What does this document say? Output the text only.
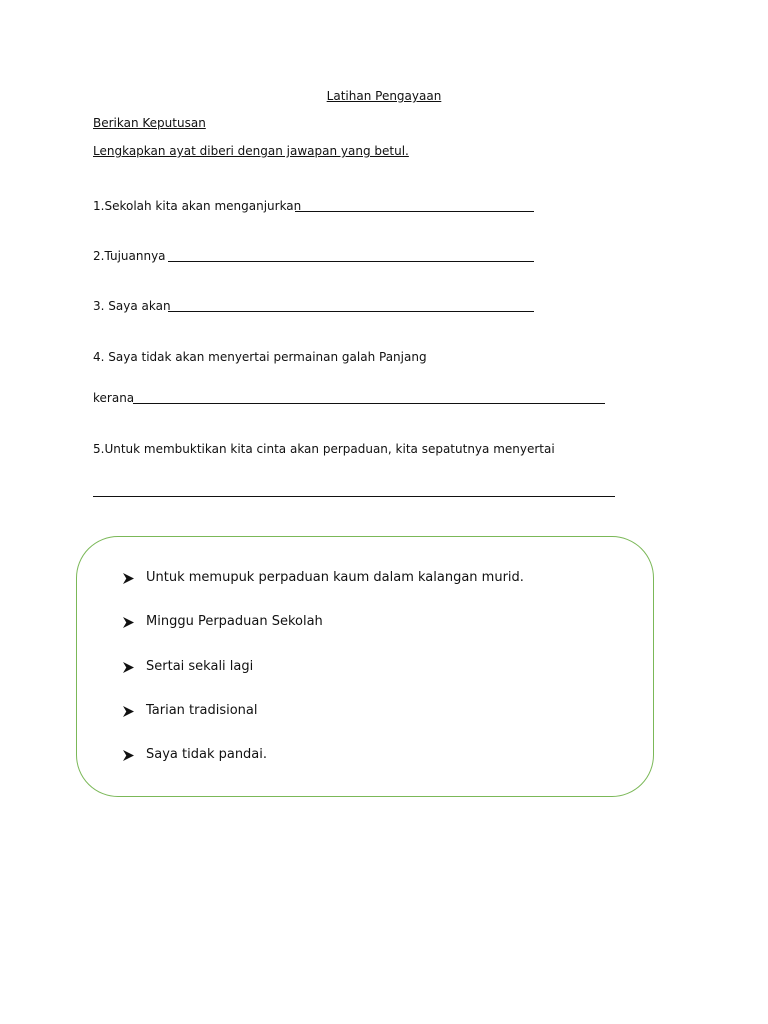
Latihan Pengayaan
Berikan Keputusan
Lengkapkan ayat diberi dengan jawapan yang betul.
1.Sekolah kita akan menganjurkan
2.Tujuannya
3. Saya akan
4. Saya tidak akan menyertai permainan galah Panjang
kerana
5.Untuk membuktikan kita cinta akan perpaduan, kita sepatutnya menyertai
Untuk memupuk perpaduan kaum dalam kalangan murid.
Minggu Perpaduan Sekolah
Sertai sekali lagi
Tarian tradisional
Saya tidak pandai.
